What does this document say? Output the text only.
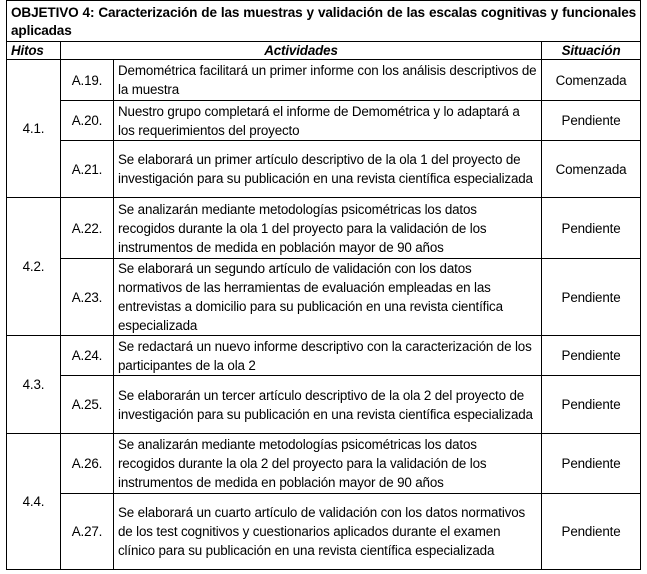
OBJETIVO 4: Caracterización de las muestras y validación de las escalas cognitivas y funcionales aplicadas			
Hitos	Actividades		Situación
4.1.	A.19.	Demométrica facilitará un primer informe con los análisis descriptivos de la muestra	Comenzada
	A.20.	Nuestro grupo completará el informe de Demométrica y lo adaptará a los requerimientos del proyecto	Pendiente
	A.21.	Se elaborará un primer artículo descriptivo de la ola 1 del proyecto de investigación para su publicación en una revista científica especializada	Comenzada
4.2.	A.22.	Se analizarán mediante metodologías psicométricas los datos recogidos durante la ola 1 del proyecto para la validación de los instrumentos de medida en población mayor de 90 años	Pendiente
	A.23.	Se elaborará un segundo artículo de validación con los datos normativos de las herramientas de evaluación empleadas en las entrevistas a domicilio para su publicación en una revista científica especializada	Pendiente
4.3.	A.24.	Se redactará un nuevo informe descriptivo con la caracterización de los participantes de la ola 2	Pendiente
	A.25.	Se elaborarán un tercer artículo descriptivo de la ola 2 del proyecto de investigación para su publicación en una revista científica especializada	Pendiente
4.4.	A.26.	Se analizarán mediante metodologías psicométricas los datos recogidos durante la ola 2 del proyecto para la validación de los instrumentos de medida en población mayor de 90 años	Pendiente
	A.27.	Se elaborará un cuarto artículo de validación con los datos normativos de los test cognitivos y cuestionarios aplicados durante el examen clínico para su publicación en una revista científica especializada	Pendiente
